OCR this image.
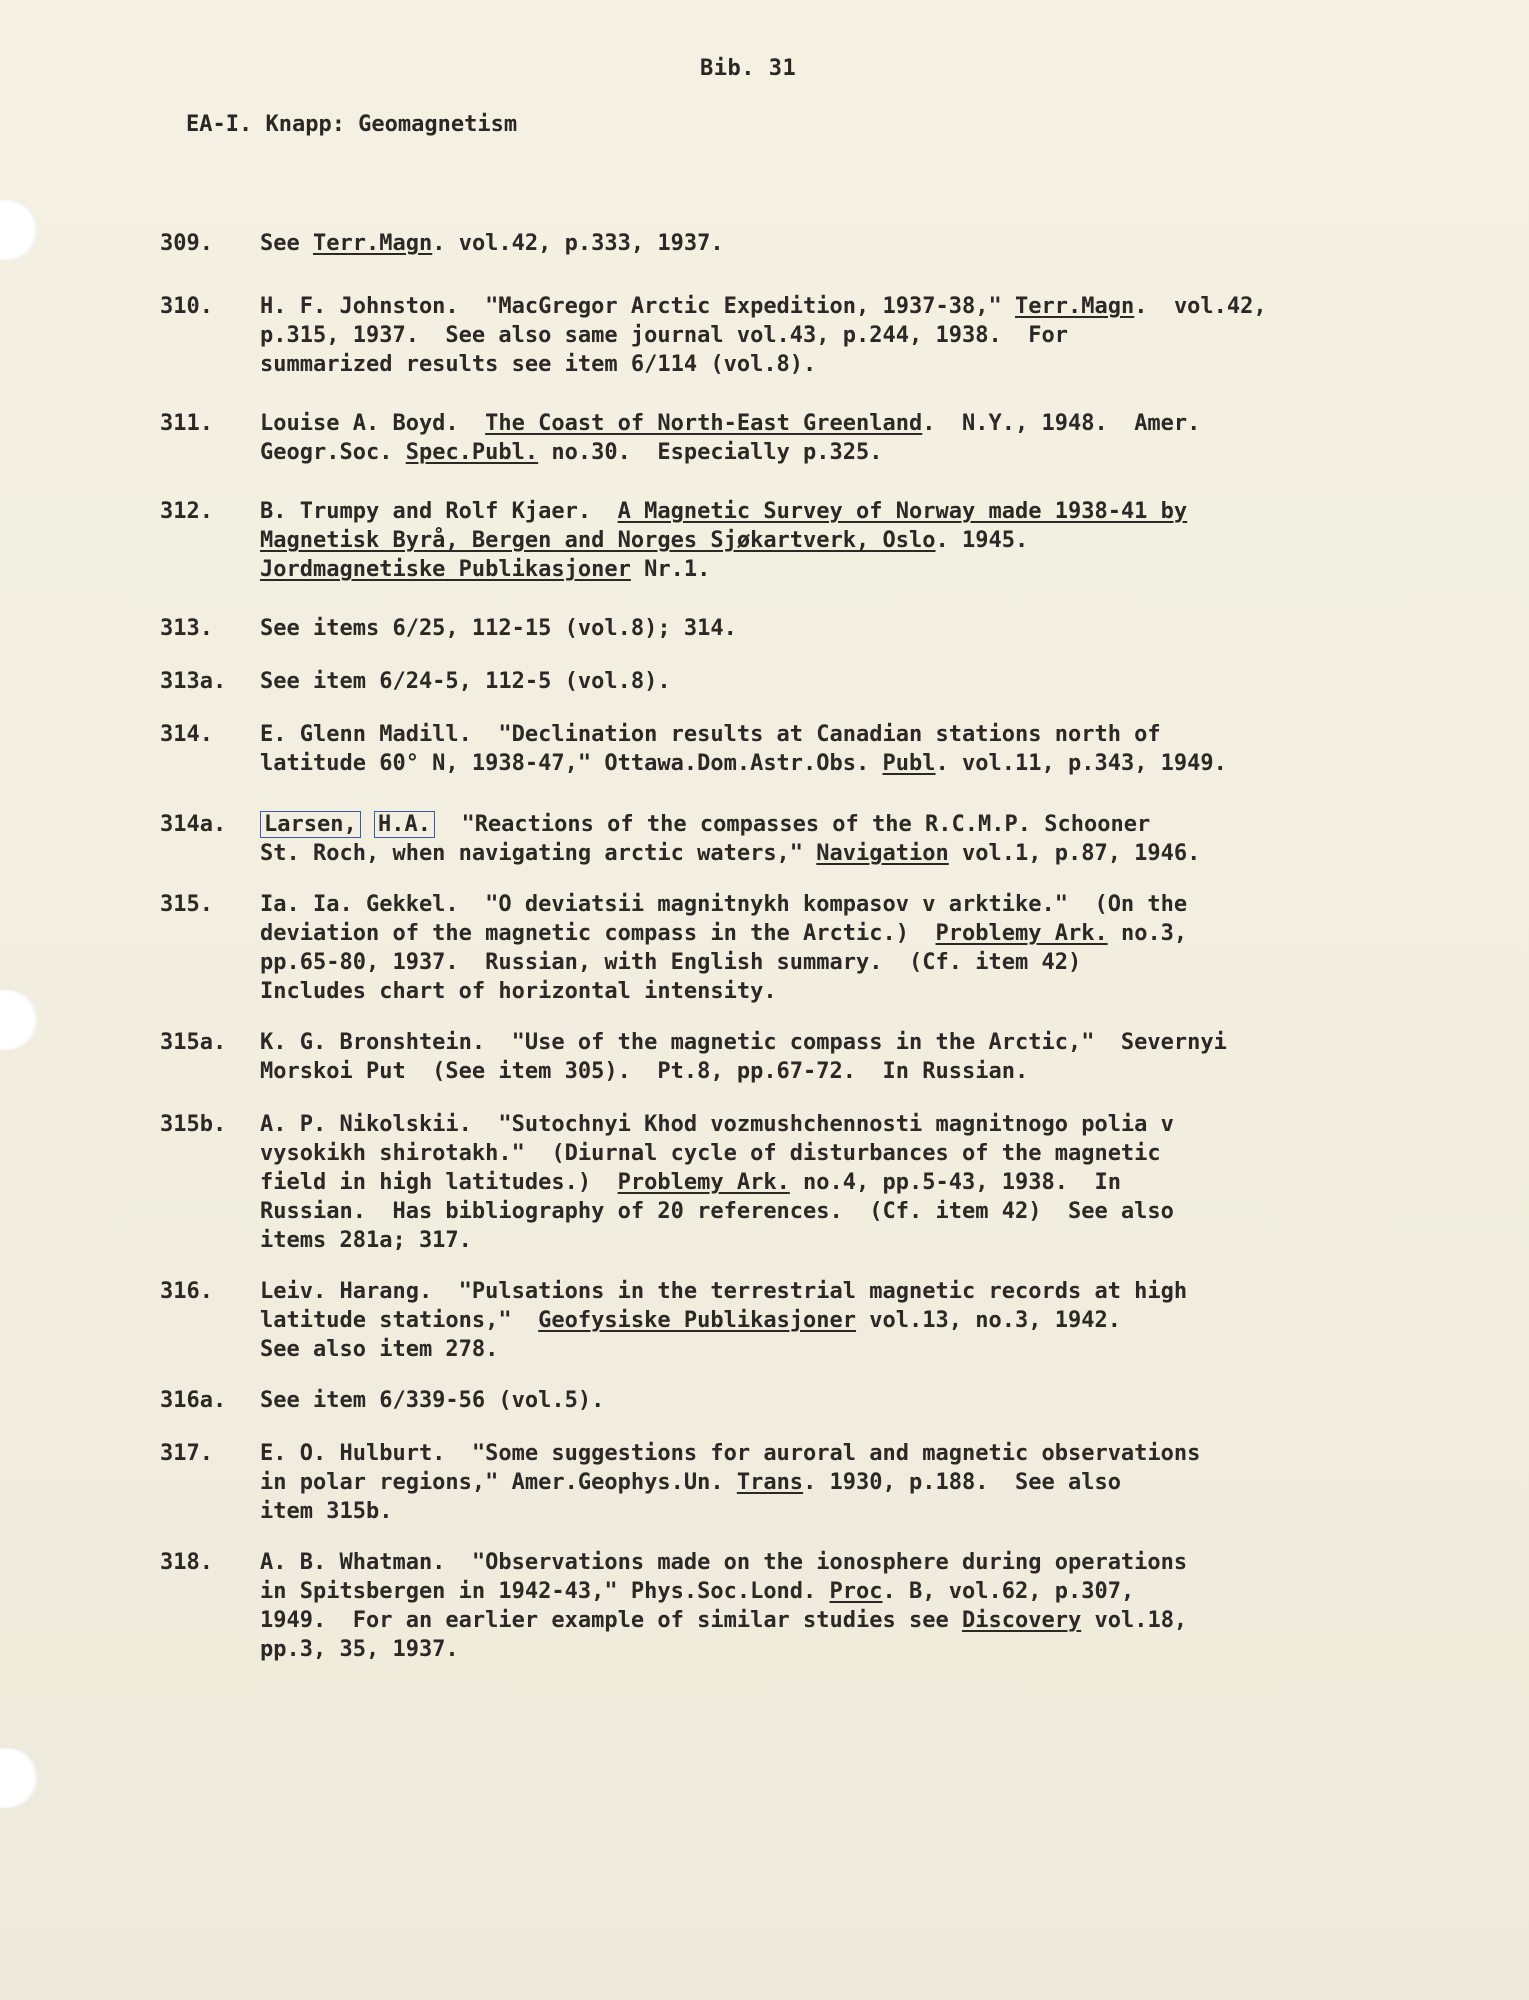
Bib. 31
EA-I. Knapp: Geomagnetism
309.	See Terr.Magn. vol.42, p.333, 1937.
310.	H. F. Johnston.  "MacGregor Arctic Expedition, 1937-38," Terr.Magn.  vol.42,
p.315, 1937.  See also same journal vol.43, p.244, 1938.  For
summarized results see item 6/114 (vol.8).
311.	Louise A. Boyd.  The Coast of North-East Greenland.  N.Y., 1948.  Amer.
Geogr.Soc. Spec.Publ. no.30.  Especially p.325.
312.	B. Trumpy and Rolf Kjaer.  A Magnetic Survey of Norway made 1938-41 by
Magnetisk Byrå, Bergen and Norges Sjøkartverk, Oslo. 1945.
Jordmagnetiske Publikasjoner Nr.1.
313.	See items 6/25, 112-15 (vol.8); 314.
313a.	See item 6/24-5, 112-5 (vol.8).
314.	E. Glenn Madill.  "Declination results at Canadian stations north of
latitude 60° N, 1938-47," Ottawa.Dom.Astr.Obs. Publ. vol.11, p.343, 1949.
314a.	Larsen, H.A.  "Reactions of the compasses of the R.C.M.P. Schooner
St. Roch, when navigating arctic waters," Navigation vol.1, p.87, 1946.
315.	Ia. Ia. Gekkel.  "O deviatsii magnitnykh kompasov v arktike."  (On the
deviation of the magnetic compass in the Arctic.)  Problemy Ark. no.3,
pp.65-80, 1937.  Russian, with English summary.  (Cf. item 42)
Includes chart of horizontal intensity.
315a.	K. G. Bronshtein.  "Use of the magnetic compass in the Arctic,"  Severnyi
Morskoi Put  (See item 305).  Pt.8, pp.67-72.  In Russian.
315b.	A. P. Nikolskii.  "Sutochnyi Khod vozmushchennosti magnitnogo polia v
vysokikh shirotakh."  (Diurnal cycle of disturbances of the magnetic
field in high latitudes.)  Problemy Ark. no.4, pp.5-43, 1938.  In
Russian.  Has bibliography of 20 references.  (Cf. item 42)  See also
items 281a; 317.
316.	Leiv. Harang.  "Pulsations in the terrestrial magnetic records at high
latitude stations,"  Geofysiske Publikasjoner vol.13, no.3, 1942.
See also item 278.
316a.	See item 6/339-56 (vol.5).
317.	E. O. Hulburt.  "Some suggestions for auroral and magnetic observations
in polar regions," Amer.Geophys.Un. Trans. 1930, p.188.  See also
item 315b.
318.	A. B. Whatman.  "Observations made on the ionosphere during operations
in Spitsbergen in 1942-43," Phys.Soc.Lond. Proc. B, vol.62, p.307,
1949.  For an earlier example of similar studies see Discovery vol.18,
pp.3, 35, 1937.
